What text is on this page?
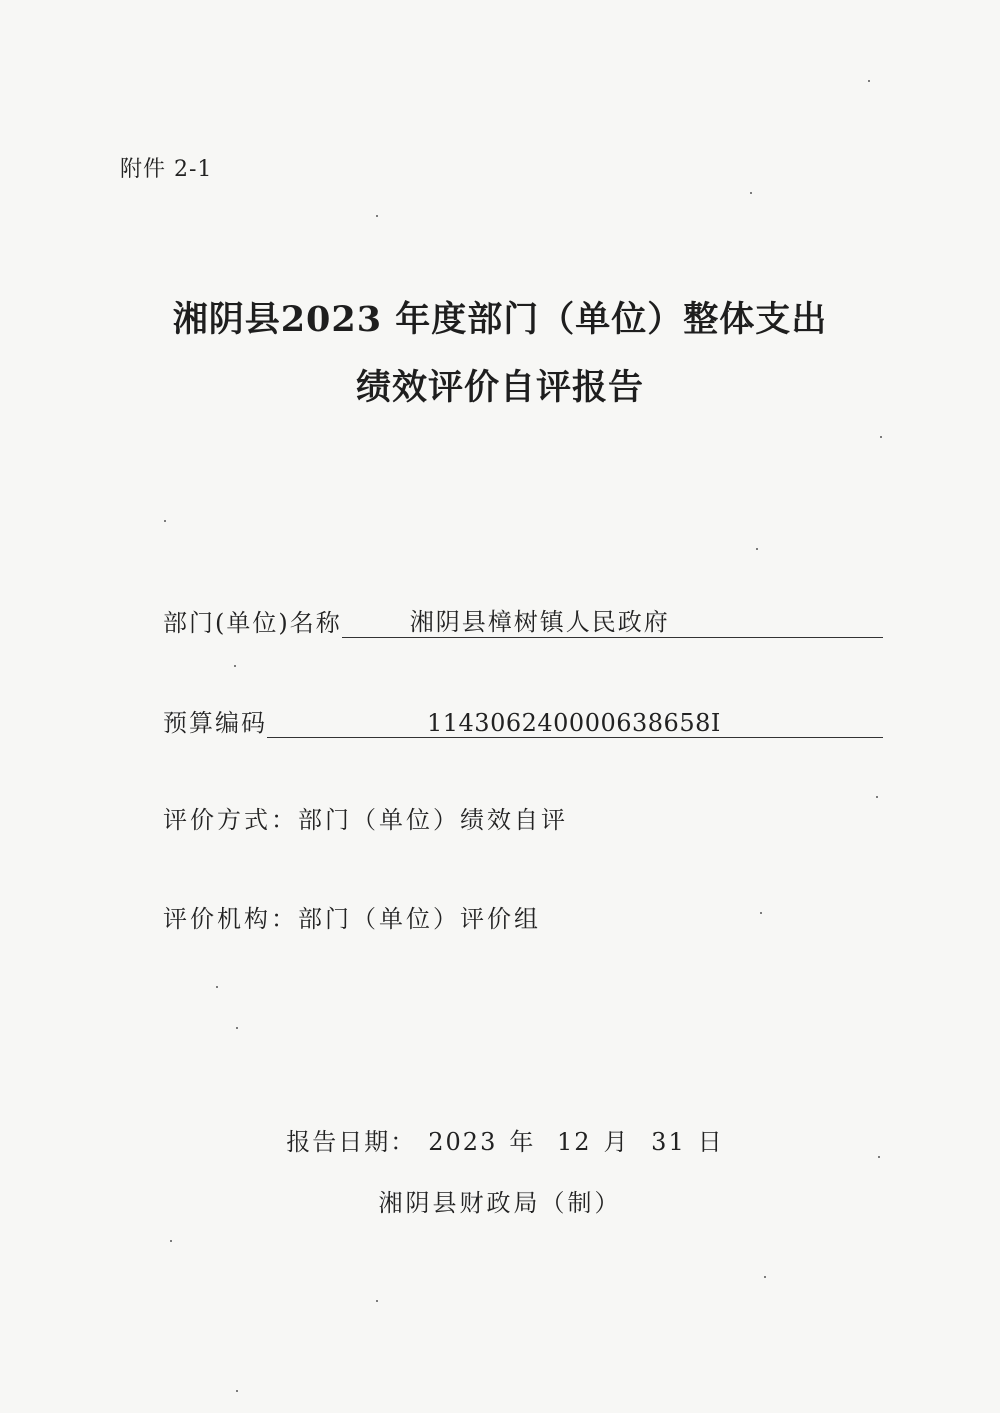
附件 2-1
湘阴县2023 年度部门（单位）整体支出
绩效评价自评报告
部门(单位)名称	湘阴县樟树镇人民政府
预算编码	114306240000638658I
评价方式：部门（单位）绩效自评
评价机构：部门（单位）评价组
报告日期： 2023 年 12 月 31 日
湘阴县财政局（制）
